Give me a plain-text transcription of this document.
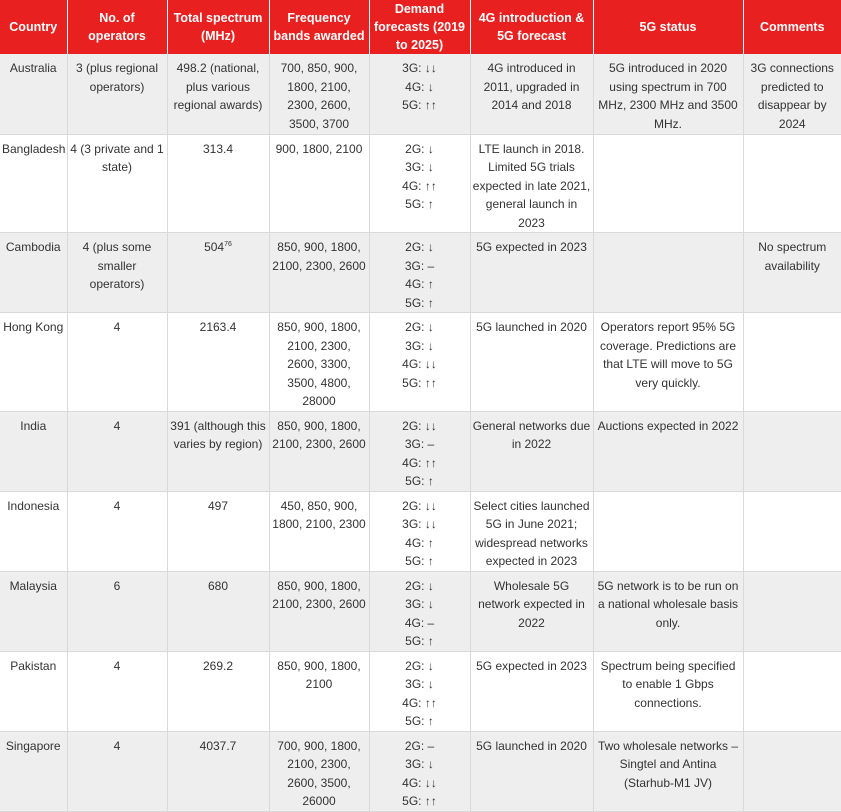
Country	No. of operators	Total spectrum (MHz)	Frequency bands awarded	Demand forecasts (2019 to 2025)	4G introduction & 5G forecast	5G status	Comments
Australia	3 (plus regional operators)	498.2 (national, plus various regional awards)	700, 850, 900, 1800, 2100, 2300, 2600, 3500, 3700	3G: ↓↓
4G: ↓
5G: ↑↑	4G introduced in 2011, upgraded in 2014 and 2018	5G introduced in 2020 using spectrum in 700 MHz, 2300 MHz and 3500 MHz.	3G connections predicted to disappear by 2024
Bangladesh	4 (3 private and 1 state)	313.4	900, 1800, 2100	2G: ↓
3G: ↓
4G: ↑↑
5G: ↑	LTE launch in 2018. Limited 5G trials expected in late 2021, general launch in 2023		
Cambodia	4 (plus some smaller operators)	$504^{76}$	850, 900, 1800, 2100, 2300, 2600	2G: ↓
3G: –
4G: ↑
5G: ↑	5G expected in 2023		No spectrum availability
Hong Kong	4	2163.4	850, 900, 1800, 2100, 2300, 2600, 3300, 3500, 4800, 28000	2G: ↓
3G: ↓
4G: ↓↓
5G: ↑↑	5G launched in 2020	Operators report 95% 5G coverage. Predictions are that LTE will move to 5G very quickly.	
India	4	391 (although this varies by region)	850, 900, 1800, 2100, 2300, 2600	2G: ↓↓
3G: –
4G: ↑↑
5G: ↑	General networks due in 2022	Auctions expected in 2022	
Indonesia	4	497	450, 850, 900, 1800, 2100, 2300	2G: ↓↓
3G: ↓↓
4G: ↑
5G: ↑	Select cities launched 5G in June 2021; widespread networks expected in 2023		
Malaysia	6	680	850, 900, 1800, 2100, 2300, 2600	2G: ↓
3G: ↓
4G: –
5G: ↑	Wholesale 5G network expected in 2022	5G network is to be run on a national wholesale basis only.	
Pakistan	4	269.2	850, 900, 1800, 2100	2G: ↓
3G: ↓
4G: ↑↑
5G: ↑	5G expected in 2023	Spectrum being specified to enable 1 Gbps connections.	
Singapore	4	4037.7	700, 900, 1800, 2100, 2300, 2600, 3500, 26000	2G: –
3G: ↓
4G: ↓↓
5G: ↑↑	5G launched in 2020	Two wholesale networks – Singtel and Antina (Starhub-M1 JV)	
